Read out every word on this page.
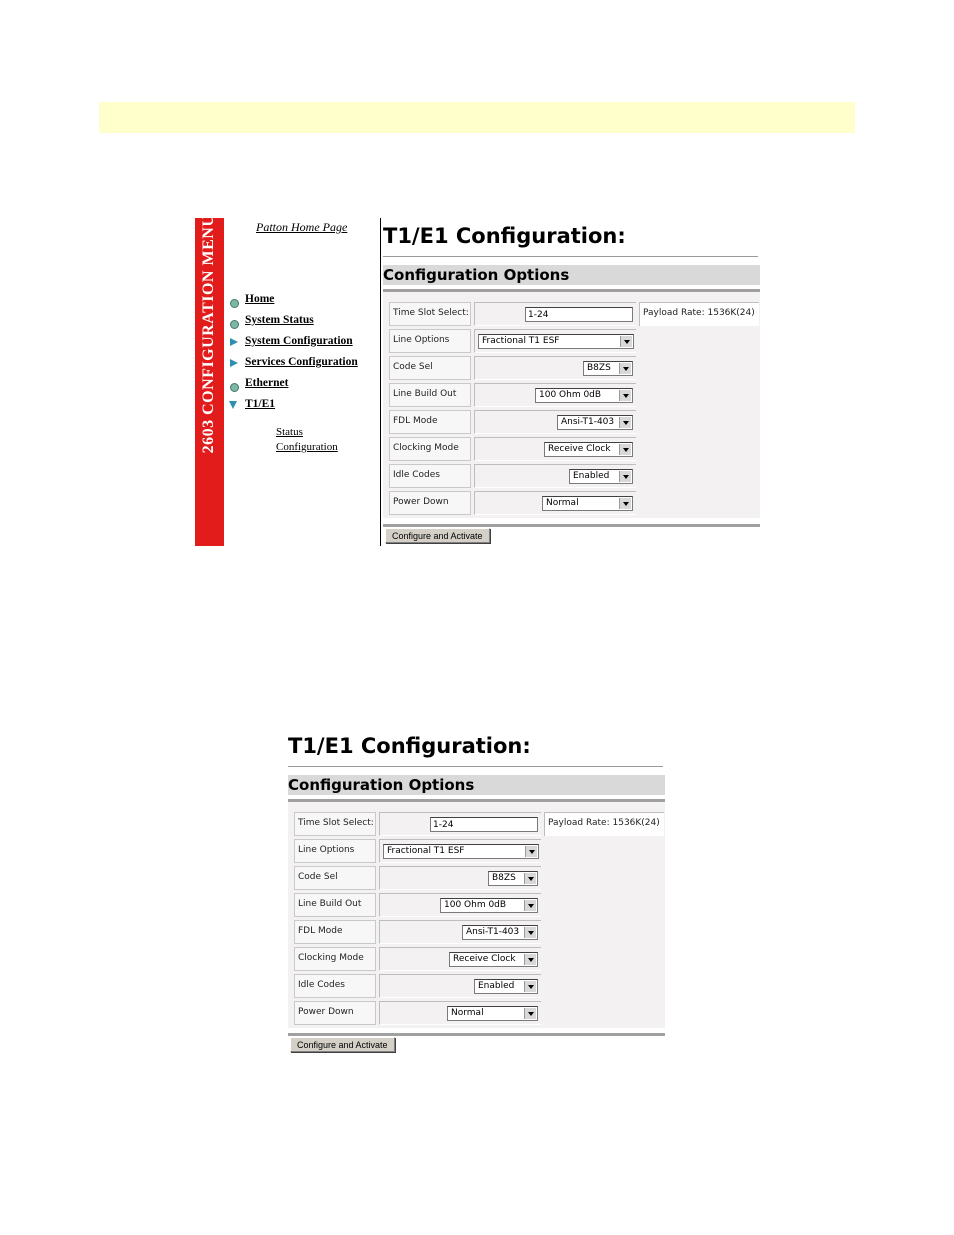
2603 CONFIGURATION MENU	Patton Home Page
Home
System Status
System Configuration
Services Configuration
Ethernet
T1/E1
Status
Configuration
T1/E1 Configuration:
Configuration Options
Time Slot Select:	1-24	Payload Rate: 1536K(24)
Line Options	Fractional T1 ESF
Code Sel	B8ZS
Line Build Out	100 Ohm 0dB
FDL Mode	Ansi-T1-403
Clocking Mode	Receive Clock
Idle Codes	Enabled
Power Down	Normal
Configure and Activate
T1/E1 Configuration:
Configuration Options
Time Slot Select:	1-24	Payload Rate: 1536K(24)
Line Options	Fractional T1 ESF
Code Sel	B8ZS
Line Build Out	100 Ohm 0dB
FDL Mode	Ansi-T1-403
Clocking Mode	Receive Clock
Idle Codes	Enabled
Power Down	Normal
Configure and Activate
